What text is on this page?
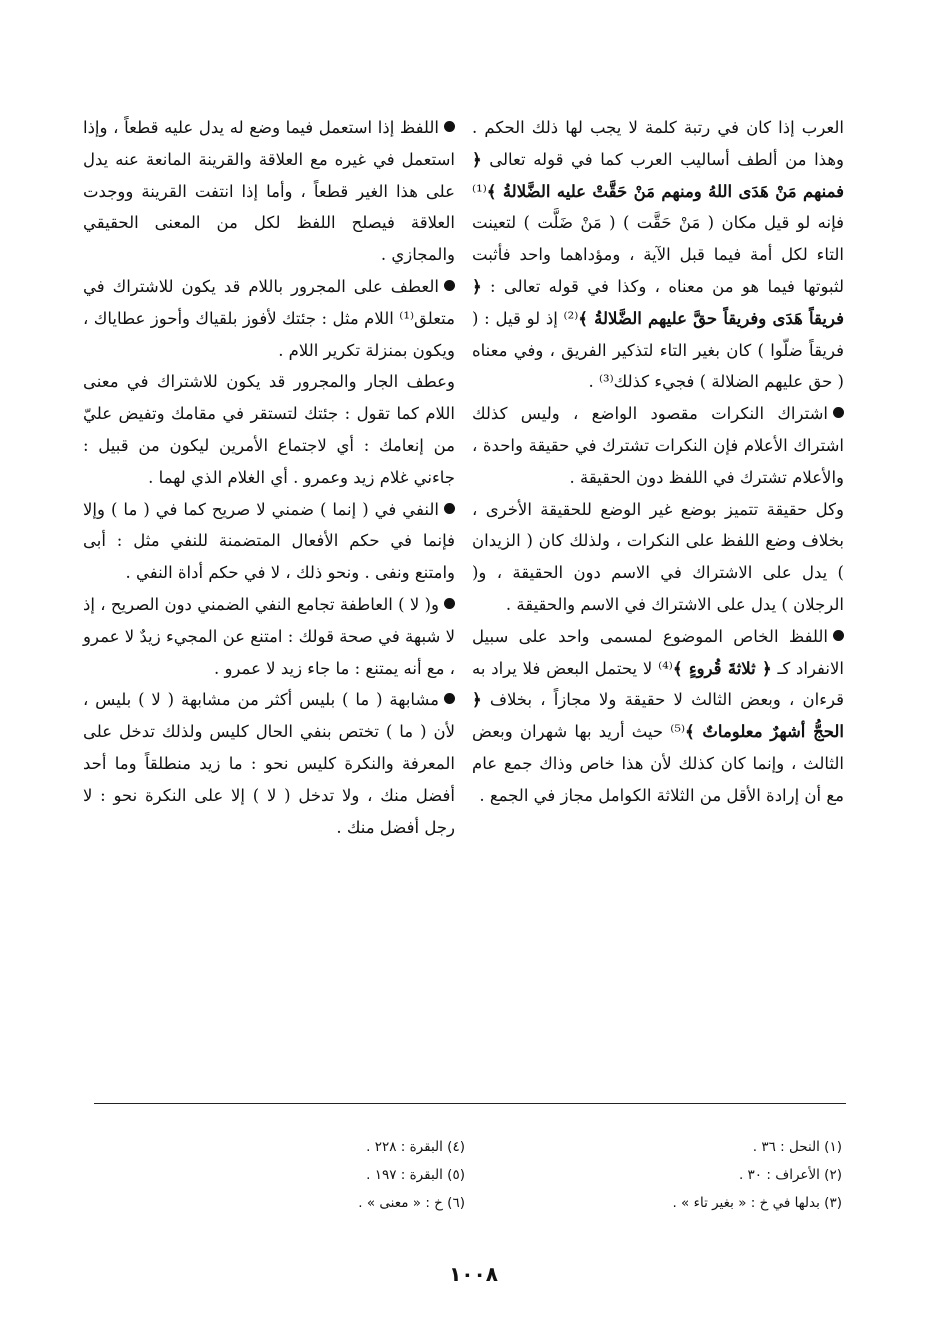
العرب إذا كان في رتبة كلمة لا يجب لها ذلك الحكم . وهذا من ألطف أساليب العرب كما في قوله تعالى ﴿ فمنهم مَنْ هَدَى اللهُ ومنهم مَنْ حَقَّتْ عليه الضَّلالةُ ﴾⁽¹⁾ فإنه لو قيل مكان ( مَنْ حَقَّت ) ( مَنْ ضَلَّت ) لتعينت التاء لكل أمة فيما قبل الآية ، ومؤداهما واحد فأثبت لثبوتها فيما هو من معناه ، وكذا في قوله تعالى : ﴿ فريقاً هَدَى وفريقاً حقَّ عليهم الضَّلالةُ ﴾⁽²⁾ إذ لو قيل : ( فريقاً ضلّوا ) كان بغير التاء لتذكير الفريق ، وفي معناه ( حق عليهم الضلالة ) فجيء كذلك⁽³⁾ .

اشتراك النكرات مقصود الواضع ، وليس كذلك اشتراك الأعلام فإن النكرات تشترك في حقيقة واحدة ، والأعلام تشترك في اللفظ دون الحقيقة .

وكل حقيقة تتميز بوضع غير الوضع للحقيقة الأخرى ، بخلاف وضع اللفظ على النكرات ، ولذلك كان ( الزيدان ) يدل على الاشتراك في الاسم دون الحقيقة ، و( الرجلان ) يدل على الاشتراك في الاسم والحقيقة .

اللفظ الخاص الموضوع لمسمى واحد على سبيل الانفراد كـ ﴿ ثلاثةَ قُروءٍ ﴾⁽⁴⁾ لا يحتمل البعض فلا يراد به قرءان ، وبعض الثالث لا حقيقة ولا مجازاً ، بخلاف ﴿ الحجُّ أشهرٌ معلوماتٌ ﴾⁽⁵⁾ حيث أريد بها شهران وبعض الثالث ، وإنما كان كذلك لأن هذا خاص وذاك جمع عام مع أن إرادة الأقل من الثلاثة الكوامل مجاز في الجمع .

اللفظ إذا استعمل فيما وضع له يدل عليه قطعاً ، وإذا استعمل في غيره مع العلاقة والقرينة المانعة عنه يدل على هذا الغير قطعاً ، وأما إذا انتفت القرينة ووجدت العلاقة فيصلح اللفظ لكل من المعنى الحقيقي والمجازي .

العطف على المجرور باللام قد يكون للاشتراك في متعلق⁽¹⁾ اللام مثل : جئتك لأفوز بلقياك وأحوز عطاياك ، ويكون بمنزلة تكرير اللام .

وعطف الجار والمجرور قد يكون للاشتراك في معنى اللام كما تقول : جئتك لتستقر في مقامك وتفيض عليّ من إنعامك : أي لاجتماع الأمرين ليكون من قبيل : جاءني غلام زيد وعمرو . أي الغلام الذي لهما .

النفي في ( إنما ) ضمني لا صريح كما في ( ما ) وإلا فإنما في حكم الأفعال المتضمنة للنفي مثل : أبى وامتنع ونفى . ونحو ذلك ، لا في حكم أداة النفي .

و( لا ) العاطفة تجامع النفي الضمني دون الصريح ، إذ لا شبهة في صحة قولك : امتنع عن المجيء زيدٌ لا عمرو ، مع أنه يمتنع : ما جاء زيد لا عمرو .

مشابهة ( ما ) بليس أكثر من مشابهة ( لا ) بليس ، لأن ( ما ) تختص بنفي الحال كليس ولذلك تدخل على المعرفة والنكرة كليس نحو : ما زيد منطلقاً وما أحد أفضل منك ، ولا تدخل ( لا ) إلا على النكرة نحو : لا رجل أفضل منك .

(١) النحل : ٣٦ .
(٢) الأعراف : ٣٠ .
(٣) بدلها في خ : « بغير تاء » .
(٤) البقرة : ٢٢٨ .
(٥) البقرة : ١٩٧ .
(٦) خ : « معنى » .
١٠٠٨
